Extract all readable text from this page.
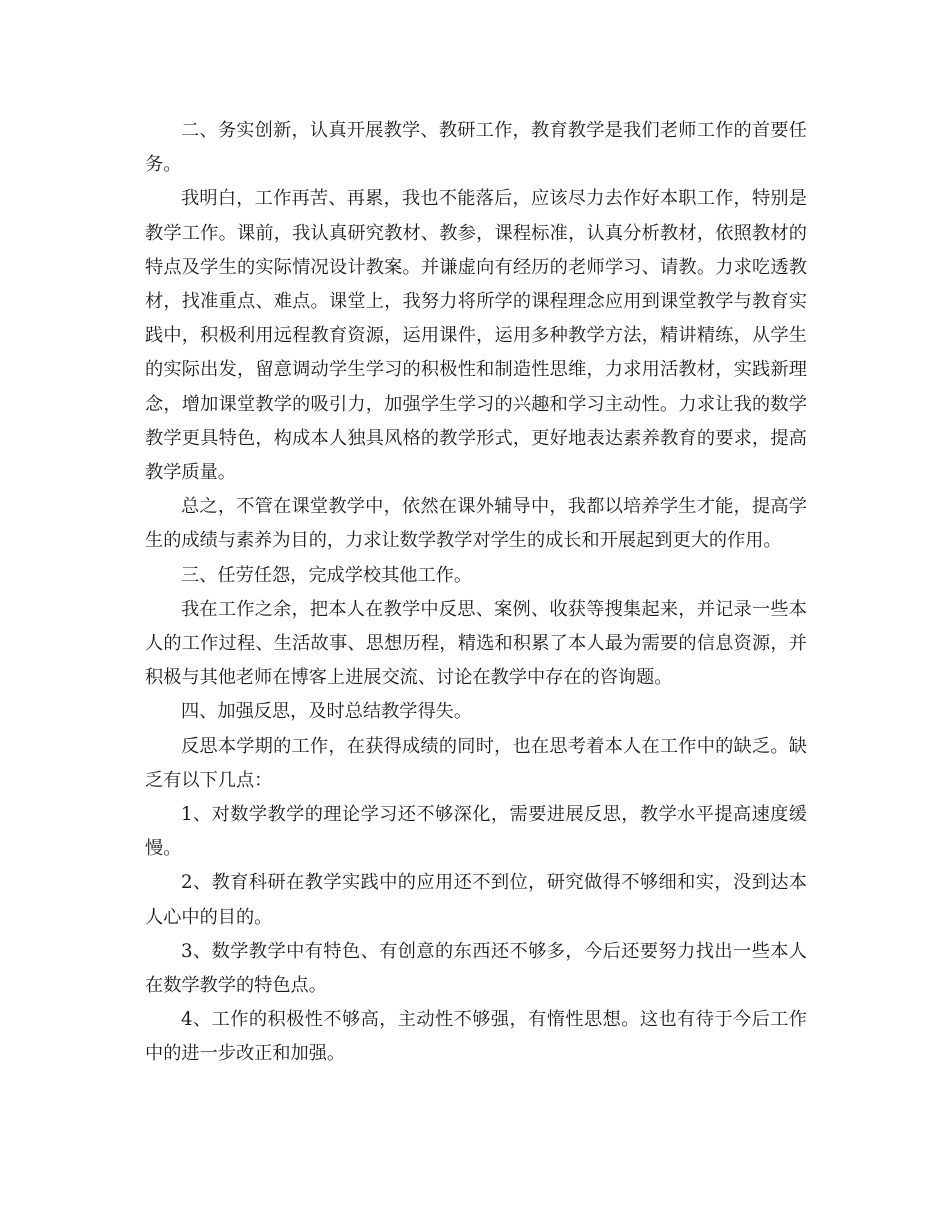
二、务实创新，认真开展教学、教研工作，教育教学是我们老师工作的首要任务。

我明白，工作再苦、再累，我也不能落后，应该尽力去作好本职工作，特别是教学工作。课前，我认真研究教材、教参，课程标准，认真分析教材，依照教材的特点及学生的实际情况设计教案。并谦虚向有经历的老师学习、请教。力求吃透教材，找准重点、难点。课堂上，我努力将所学的课程理念应用到课堂教学与教育实践中，积极利用远程教育资源，运用课件，运用多种教学方法，精讲精练，从学生的实际出发，留意调动学生学习的积极性和制造性思维，力求用活教材，实践新理念，增加课堂教学的吸引力，加强学生学习的兴趣和学习主动性。力求让我的数学教学更具特色，构成本人独具风格的教学形式，更好地表达素养教育的要求，提高教学质量。

总之，不管在课堂教学中，依然在课外辅导中，我都以培养学生才能，提高学生的成绩与素养为目的，力求让数学教学对学生的成长和开展起到更大的作用。

三、任劳任怨，完成学校其他工作。

我在工作之余，把本人在教学中反思、案例、收获等搜集起来，并记录一些本人的工作过程、生活故事、思想历程，精选和积累了本人最为需要的信息资源，并积极与其他老师在博客上进展交流、讨论在教学中存在的咨询题。

四、加强反思，及时总结教学得失。

反思本学期的工作，在获得成绩的同时，也在思考着本人在工作中的缺乏。缺乏有以下几点：

1、对数学教学的理论学习还不够深化，需要进展反思，教学水平提高速度缓慢。

2、教育科研在教学实践中的应用还不到位，研究做得不够细和实，没到达本人心中的目的。

3、数学教学中有特色、有创意的东西还不够多，今后还要努力找出一些本人在数学教学的特色点。

4、工作的积极性不够高，主动性不够强，有惰性思想。这也有待于今后工作中的进一步改正和加强。
